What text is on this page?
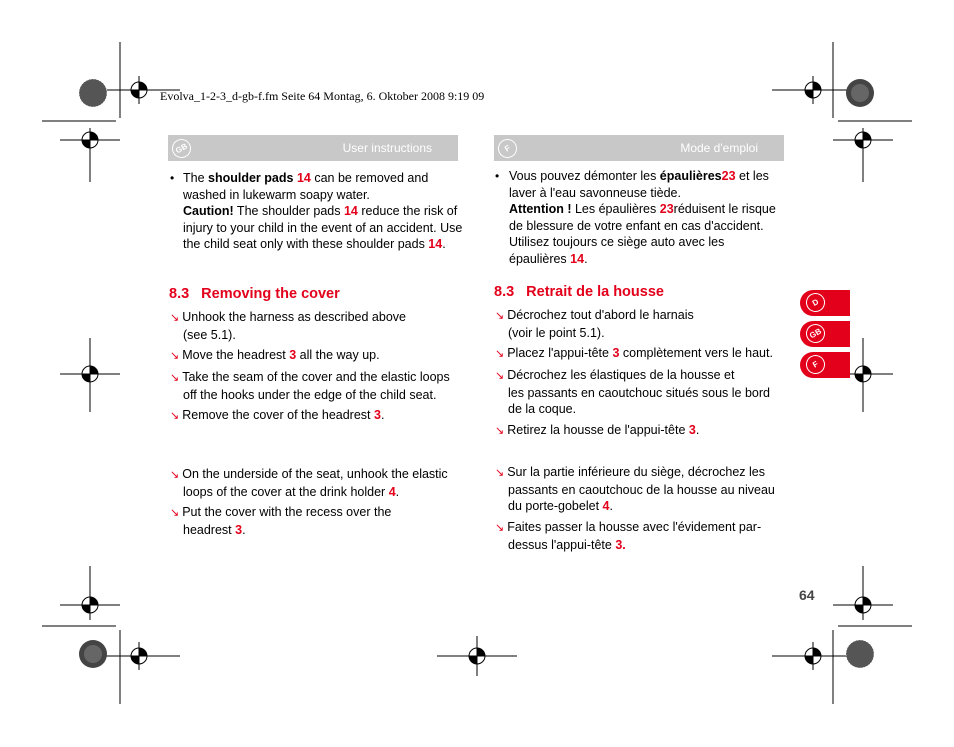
Evolva_1-2-3_d-gb-f.fm Seite 64 Montag, 6. Oktober 2008 9:19 09
GB	User instructions
• The shoulder pads 14 can be removed and
washed in lukewarm soapy water.
Caution! The shoulder pads 14 reduce the risk of
injury to your child in the event of an accident. Use
the child seat only with these shoulder pads 14.
8.3 Removing the cover
↘ Unhook the harness as described above
(see 5.1).
↘ Move the headrest 3 all the way up.
↘ Take the seam of the cover and the elastic loops
off the hooks under the edge of the child seat.
↘ Remove the cover of the headrest 3.
↘ On the underside of the seat, unhook the elastic
loops of the cover at the drink holder 4.
↘ Put the cover with the recess over the
headrest 3.
F	Mode d'emploi
• Vous pouvez démonter les épaulières23 et les
laver à l'eau savonneuse tiède.
Attention ! Les épaulières 23réduisent le risque
de blessure de votre enfant en cas d'accident.
Utilisez toujours ce siège auto avec les
épaulières 14.
8.3 Retrait de la housse
↘ Décrochez tout d'abord le harnais
(voir le point 5.1).
↘ Placez l'appui-tête 3 complètement vers le haut.
↘ Décrochez les élastiques de la housse et
les passants en caoutchouc situés sous le bord
de la coque.
↘ Retirez la housse de l'appui-tête 3.
↘ Sur la partie inférieure du siège, décrochez les
passants en caoutchouc de la housse au niveau
du porte-gobelet 4.
↘ Faites passer la housse avec l'évidement par-
dessus l'appui-tête 3.
D
GB
F
64
